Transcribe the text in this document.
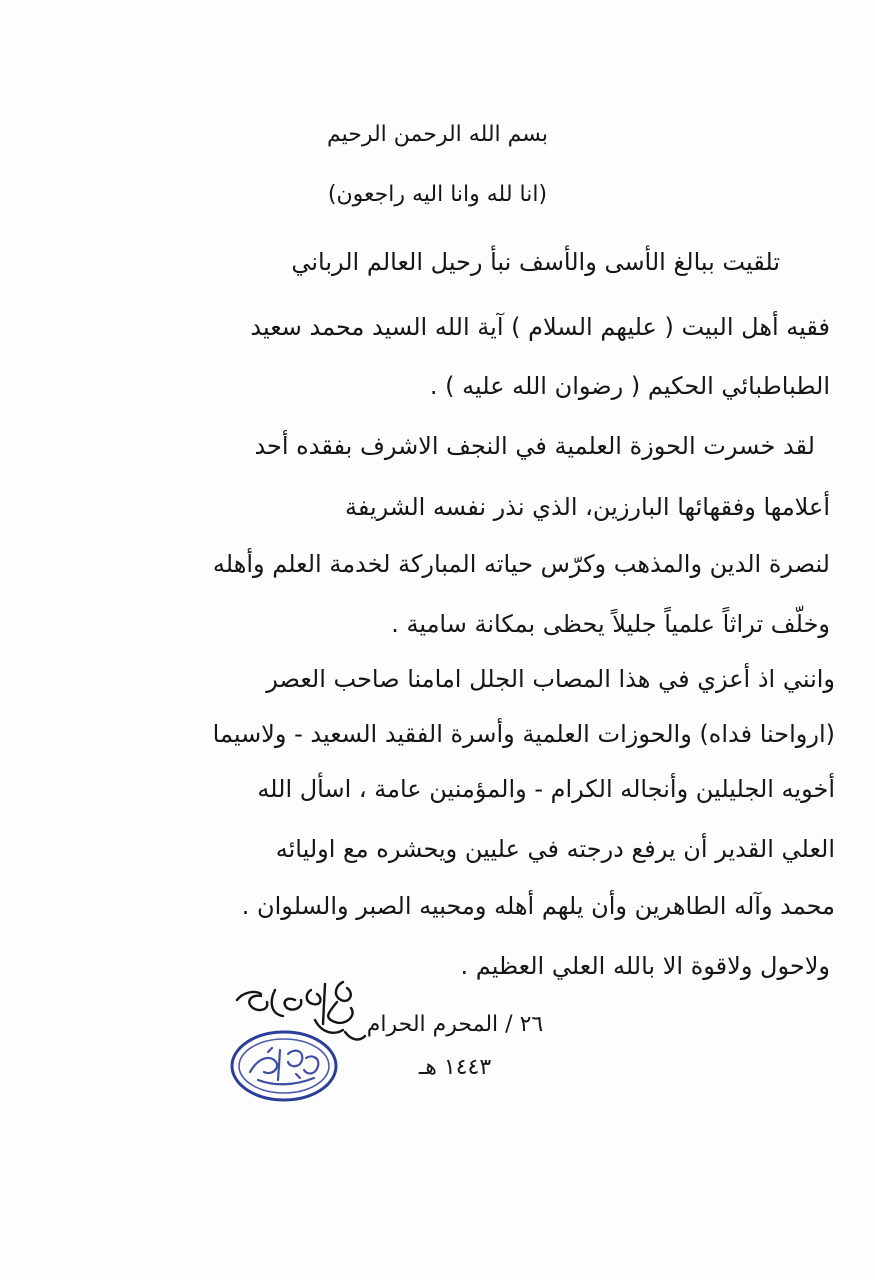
بسم الله الرحمن الرحيم
(انا لله وانا اليه راجعون)
تلقيت ببالغ الأسى والأسف نبأ رحيل العالم الرباني
فقيه أهل البيت ( عليهم السلام ) آية الله السيد محمد سعيد
الطباطبائي الحكيم ( رضوان الله عليه ) .
لقد خسرت الحوزة العلمية في النجف الاشرف بفقده أحد
أعلامها وفقهائها البارزين، الذي نذر نفسه الشريفة
لنصرة الدين والمذهب وكرّس حياته المباركة لخدمة العلم وأهله
وخلّف تراثاً علمياً جليلاً يحظى بمكانة سامية .
وانني اذ أعزي في هذا المصاب الجلل امامنا صاحب العصر
(ارواحنا فداه) والحوزات العلمية وأسرة الفقيد السعيد - ولاسيما
أخويه الجليلين وأنجاله الكرام - والمؤمنين عامة ، اسأل الله
العلي القدير أن يرفع درجته في عليين ويحشره مع اوليائه
محمد وآله الطاهرين وأن يلهم أهله ومحبيه الصبر والسلوان .
ولاحول ولاقوة الا بالله العلي العظيم .
٢٦ / المحرم الحرام
١٤٤٣ هـ
